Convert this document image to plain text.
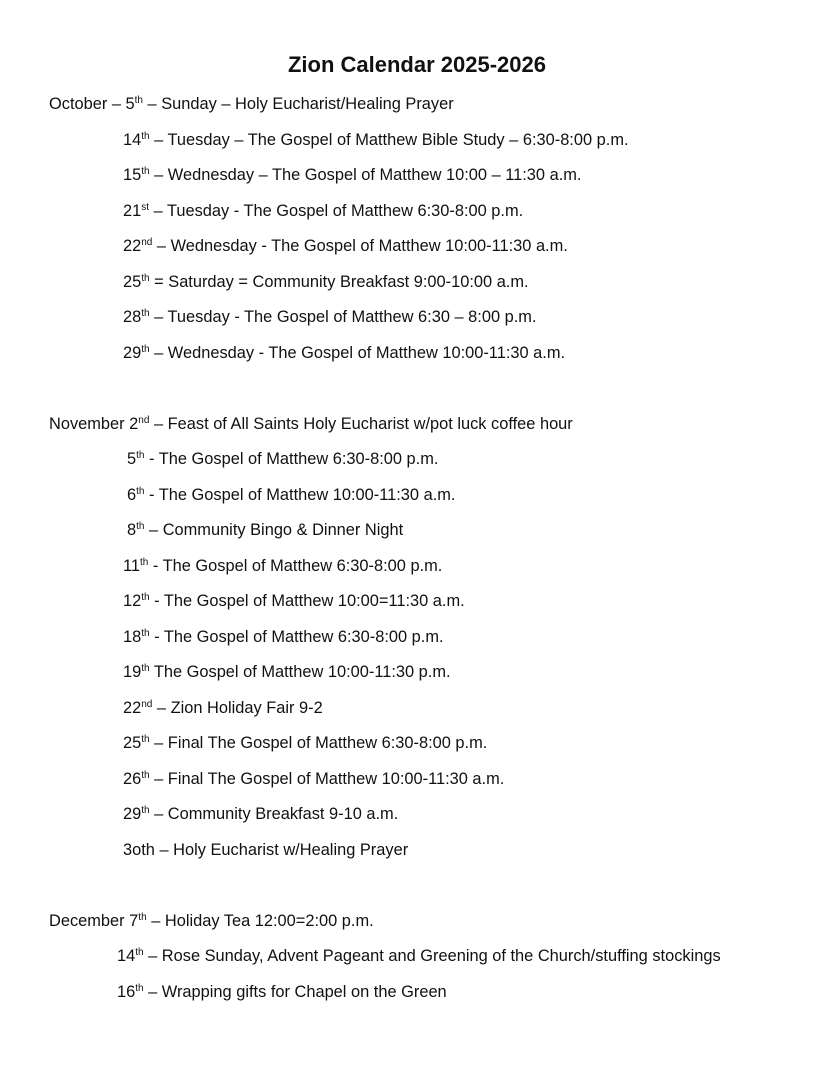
Zion Calendar 2025-2026
October – 5th – Sunday – Holy Eucharist/Healing Prayer
14th – Tuesday – The Gospel of Matthew Bible Study – 6:30-8:00 p.m.
15th – Wednesday – The Gospel of Matthew 10:00 – 11:30 a.m.
21st – Tuesday - The Gospel of Matthew 6:30-8:00 p.m.
22nd – Wednesday - The Gospel of Matthew 10:00-11:30 a.m.
25th = Saturday = Community Breakfast 9:00-10:00 a.m.
28th – Tuesday - The Gospel of Matthew 6:30 – 8:00 p.m.
29th – Wednesday - The Gospel of Matthew 10:00-11:30 a.m.
November 2nd – Feast of All Saints Holy Eucharist w/pot luck coffee hour
5th - The Gospel of Matthew 6:30-8:00 p.m.
6th - The Gospel of Matthew 10:00-11:30 a.m.
8th – Community Bingo & Dinner Night
11th - The Gospel of Matthew 6:30-8:00 p.m.
12th - The Gospel of Matthew 10:00=11:30 a.m.
18th - The Gospel of Matthew 6:30-8:00 p.m.
19th The Gospel of Matthew 10:00-11:30 p.m.
22nd – Zion Holiday Fair 9-2
25th – Final The Gospel of Matthew 6:30-8:00 p.m.
26th – Final The Gospel of Matthew 10:00-11:30 a.m.
29th – Community Breakfast 9-10 a.m.
3oth – Holy Eucharist w/Healing Prayer
December 7th – Holiday Tea 12:00=2:00 p.m.
14th – Rose Sunday, Advent Pageant and Greening of the Church/stuffing stockings
16th – Wrapping gifts for Chapel on the Green
